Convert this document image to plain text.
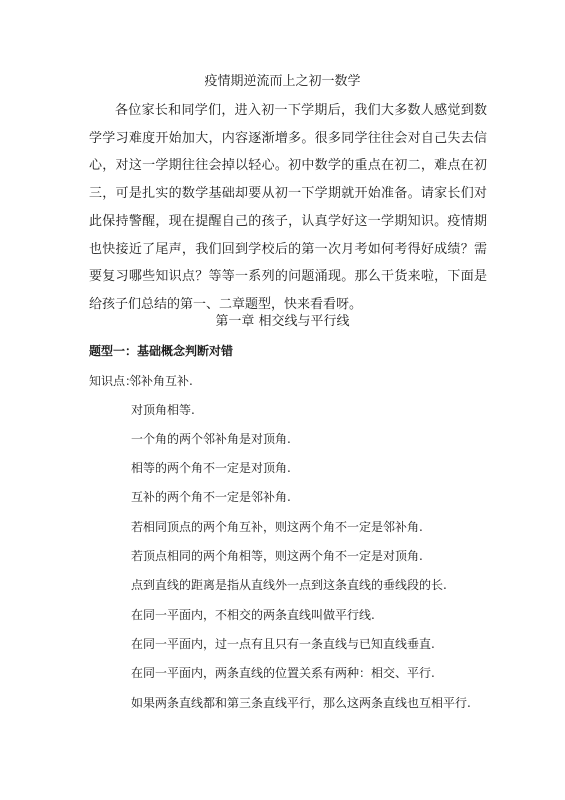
疫情期逆流而上之初一数学

各位家长和同学们，进入初一下学期后，我们大多数人感觉到数学学习难度开始加大，内容逐渐增多。很多同学往往会对自己失去信心，对这一学期往往会掉以轻心。初中数学的重点在初二，难点在初三，可是扎实的数学基础却要从初一下学期就开始准备。请家长们对此保持警醒，现在提醒自己的孩子，认真学好这一学期知识。疫情期也快接近了尾声，我们回到学校后的第一次月考如何考得好成绩？需要复习哪些知识点？等等一系列的问题涌现。那么干货来啦，下面是给孩子们总结的第一、二章题型，快来看看呀。

第一章 相交线与平行线
题型一：基础概念判断对错
知识点：
邻补角互补.
对顶角相等.
一个角的两个邻补角是对顶角.
相等的两个角不一定是对顶角.
互补的两个角不一定是邻补角.
若相同顶点的两个角互补，则这两个角不一定是邻补角.
若顶点相同的两个角相等，则这两个角不一定是对顶角.
点到直线的距离是指从直线外一点到这条直线的垂线段的长.
在同一平面内，不相交的两条直线叫做平行线.
在同一平面内，过一点有且只有一条直线与已知直线垂直.
在同一平面内，两条直线的位置关系有两种：相交、平行.
如果两条直线都和第三条直线平行，那么这两条直线也互相平行.
